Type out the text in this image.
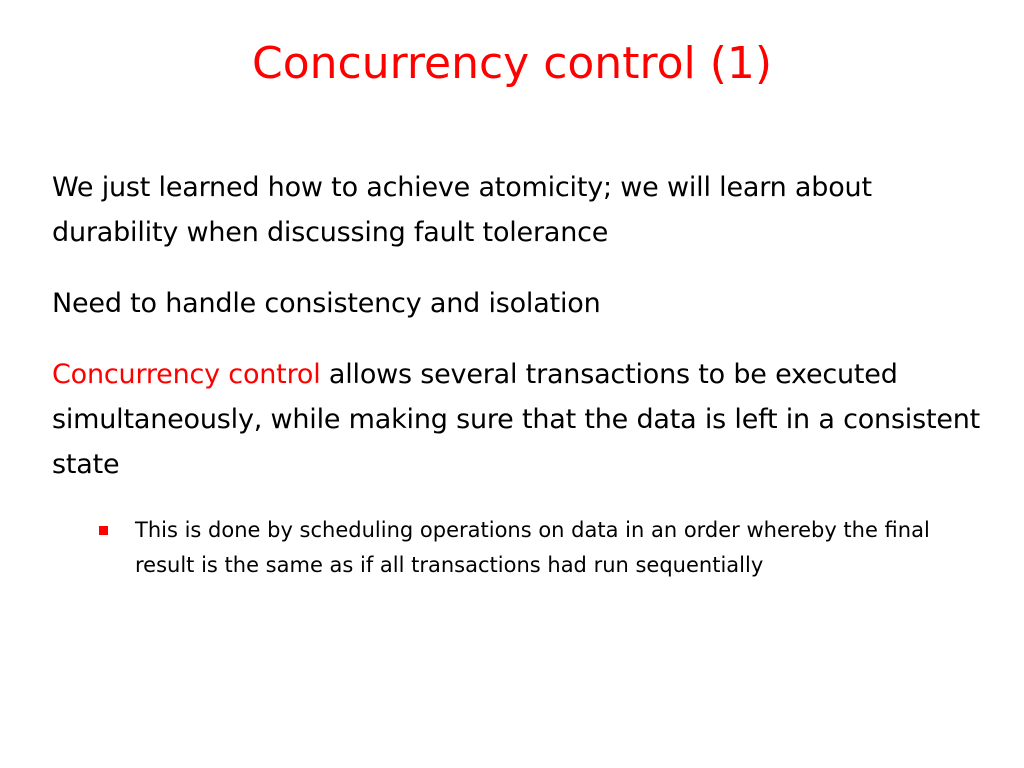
Concurrency control (1)

We just learned how to achieve atomicity; we will learn about durability when discussing fault tolerance

Need to handle consistency and isolation

Concurrency control allows several transactions to be executed simultaneously, while making sure that the data is left in a consistent state

This is done by scheduling operations on data in an order whereby the final result is the same as if all transactions had run sequentially
